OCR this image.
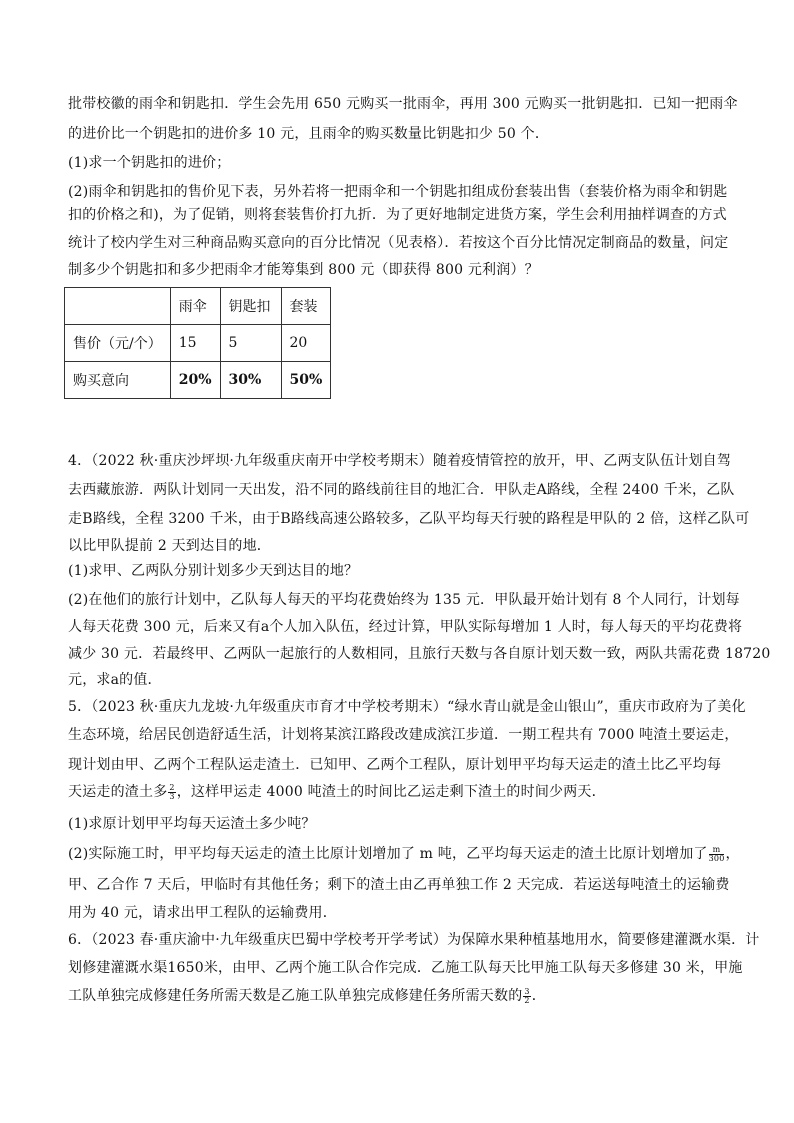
批带校徽的雨伞和钥匙扣．学生会先用 650 元购买一批雨伞，再用 300 元购买一批钥匙扣．已知一把雨伞
的进价比一个钥匙扣的进价多 10 元，且雨伞的购买数量比钥匙扣少 50 个．
(1)求一个钥匙扣的进价；
(2)雨伞和钥匙扣的售价见下表，另外若将一把雨伞和一个钥匙扣组成份套装出售（套装价格为雨伞和钥匙
扣的价格之和)，为了促销，则将套装售价打九折．为了更好地制定进货方案，学生会利用抽样调查的方式
统计了校内学生对三种商品购买意向的百分比情况（见表格）．若按这个百分比情况定制商品的数量，问定
制多少个钥匙扣和多少把雨伞才能筹集到 800 元（即获得 800 元利润）？
	雨伞	钥匙扣	套装
售价（元/个）	15	5	20
购买意向	20%	30%	50%
4．（2022 秋·重庆沙坪坝·九年级重庆南开中学校考期末）随着疫情管控的放开，甲、乙两支队伍计划自驾
去西藏旅游．两队计划同一天出发，沿不同的路线前往目的地汇合．甲队走A路线，全程 2400 千米，乙队
走B路线，全程 3200 千米，由于B路线高速公路较多，乙队平均每天行驶的路程是甲队的 2 倍，这样乙队可
以比甲队提前 2 天到达目的地．
(1)求甲、乙两队分别计划多少天到达目的地？
(2)在他们的旅行计划中，乙队每人每天的平均花费始终为 135 元．甲队最开始计划有 8 个人同行，计划每
人每天花费 300 元，后来又有a个人加入队伍，经过计算，甲队实际每增加 1 人时，每人每天的平均花费将
减少 30 元．若最终甲、乙两队一起旅行的人数相同，且旅行天数与各自原计划天数一致，两队共需花费 18720
元，求a的值．
5．（2023 秋·重庆九龙坡·九年级重庆市育才中学校考期末）“绿水青山就是金山银山”，重庆市政府为了美化
生态环境，给居民创造舒适生活，计划将某滨江路段改建成滨江步道．一期工程共有 7000 吨渣土要运走，
现计划由甲、乙两个工程队运走渣土．已知甲、乙两个工程队，原计划甲平均每天运走的渣土比乙平均每
天运走的渣土多 $\frac{2}{3}$ ，这样甲运走 4000 吨渣土的时间比乙运走剩下渣土的时间少两天．
(1)求原计划甲平均每天运渣土多少吨？
(2)实际施工时，甲平均每天运走的渣土比原计划增加了 m 吨，乙平均每天运走的渣土比原计划增加了 $\frac{m}{300}$ ，
甲、乙合作 7 天后，甲临时有其他任务；剩下的渣土由乙再单独工作 2 天完成．若运送每吨渣土的运输费
用为 40 元，请求出甲工程队的运输费用．
6．（2023 春·重庆渝中·九年级重庆巴蜀中学校考开学考试）为保障水果种植基地用水，简要修建灌溉水渠．计
划修建灌溉水渠1650米，由甲、乙两个施工队合作完成．乙施工队每天比甲施工队每天多修建 30 米，甲施
工队单独完成修建任务所需天数是乙施工队单独完成修建任务所需天数的 $\frac{3}{2}$ ．
